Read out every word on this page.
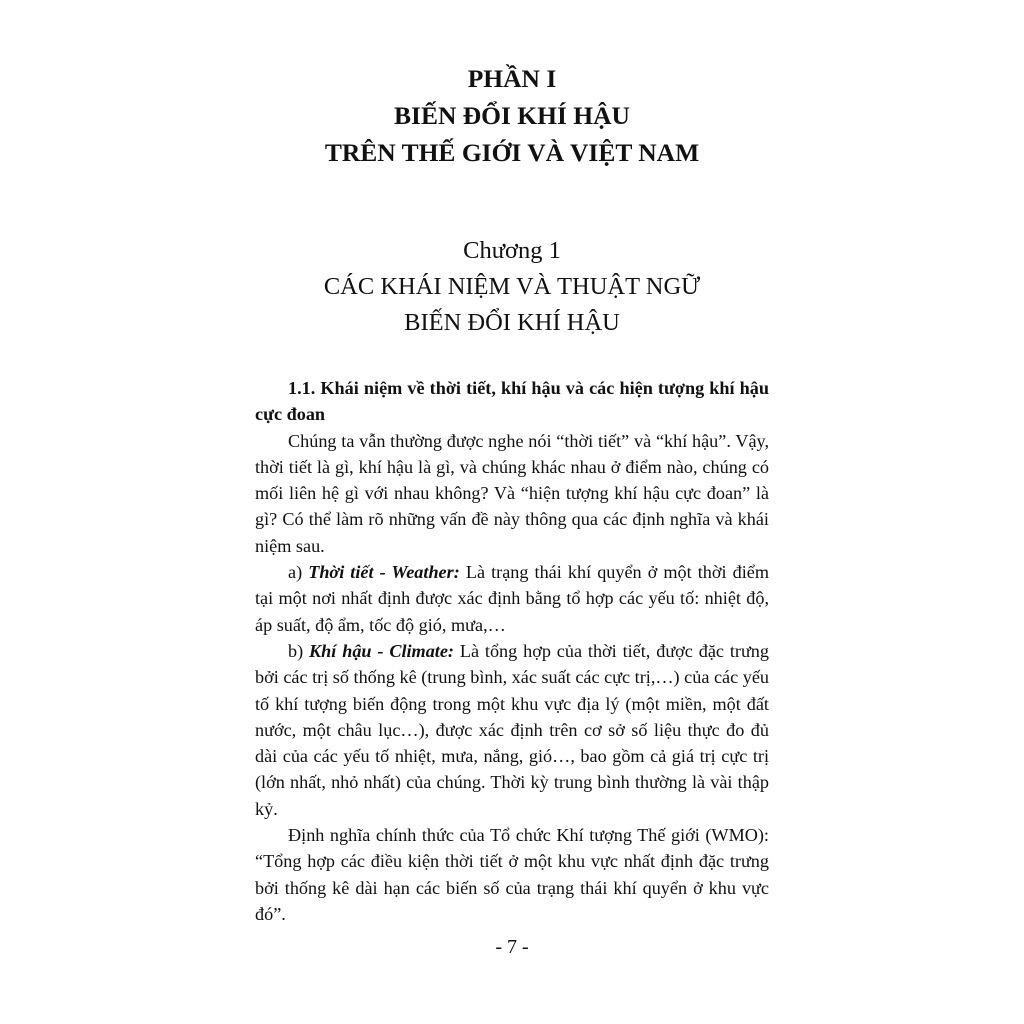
PHẦN I
BIẾN ĐỔI KHÍ HẬU
TRÊN THẾ GIỚI VÀ VIỆT NAM
Chương 1
CÁC KHÁI NIỆM VÀ THUẬT NGỮ
BIẾN ĐỔI KHÍ HẬU

1.1. Khái niệm về thời tiết, khí hậu và các hiện tượng khí hậu cực đoan

Chúng ta vẫn thường được nghe nói “thời tiết” và “khí hậu”. Vậy, thời tiết là gì, khí hậu là gì, và chúng khác nhau ở điểm nào, chúng có mối liên hệ gì với nhau không? Và “hiện tượng khí hậu cực đoan” là gì? Có thể làm rõ những vấn đề này thông qua các định nghĩa và khái niệm sau.

a) Thời tiết - Weather: Là trạng thái khí quyển ở một thời điểm tại một nơi nhất định được xác định bằng tổ hợp các yếu tố: nhiệt độ, áp suất, độ ẩm, tốc độ gió, mưa,…

b) Khí hậu - Climate: Là tổng hợp của thời tiết, được đặc trưng bởi các trị số thống kê (trung bình, xác suất các cực trị,…) của các yếu tố khí tượng biến động trong một khu vực địa lý (một miền, một đất nước, một châu lục…), được xác định trên cơ sở số liệu thực đo đủ dài của các yếu tố nhiệt, mưa, nắng, gió…, bao gồm cả giá trị cực trị (lớn nhất, nhỏ nhất) của chúng. Thời kỳ trung bình thường là vài thập kỷ.

Định nghĩa chính thức của Tổ chức Khí tượng Thế giới (WMO): “Tổng hợp các điều kiện thời tiết ở một khu vực nhất định đặc trưng bởi thống kê dài hạn các biến số của trạng thái khí quyển ở khu vực đó”.

- 7 -
